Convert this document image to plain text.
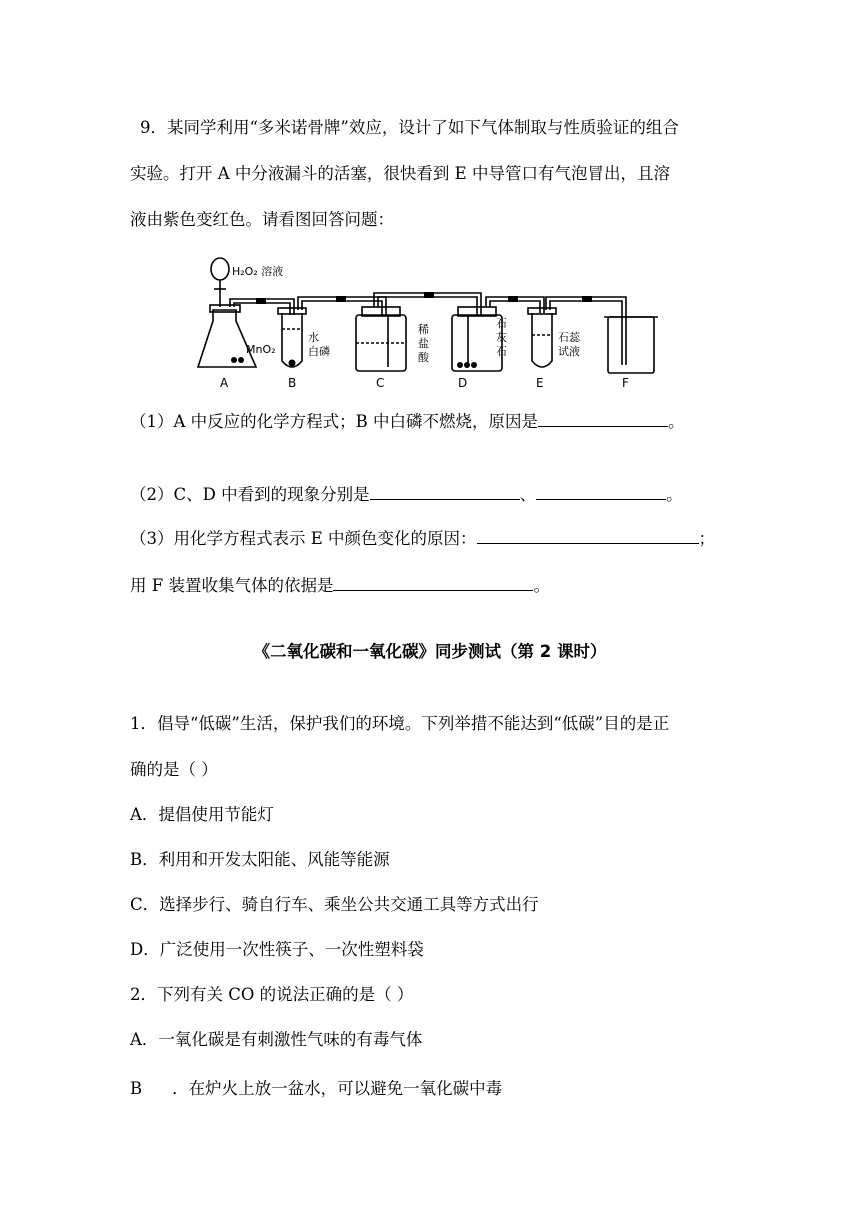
9．某同学利用“多米诺骨牌”效应，设计了如下气体制取与性质验证的组合
实验。打开 A 中分液漏斗的活塞，很快看到 E 中导管口有气泡冒出，且溶
液由紫色变红色。请看图回答问题：
H₂O₂ 溶液
MnO₂
水
白磷
稀
盐
酸
石
灰
石
石蕊
试液
A	B	C	D	E	F
（1）A 中反应的化学方程式；B 中白磷不燃烧，原因是	。
（2）C、D 中看到的现象分别是	、	。
（3）用化学方程式表示 E 中颜色变化的原因：	；
用 F 装置收集气体的依据是	。
《二氧化碳和一氧化碳》同步测试（第 2 课时）
1．倡导“低碳”生活，保护我们的环境。下列举措不能达到“低碳”目的是正
确的是（ ）
A．提倡使用节能灯
B．利用和开发太阳能、风能等能源
C．选择步行、骑自行车、乘坐公共交通工具等方式出行
D．广泛使用一次性筷子、一次性塑料袋
2．下列有关 CO 的说法正确的是（ ）
A．一氧化碳是有刺激性气味的有毒气体
B ．在炉火上放一盆水，可以避免一氧化碳中毒
